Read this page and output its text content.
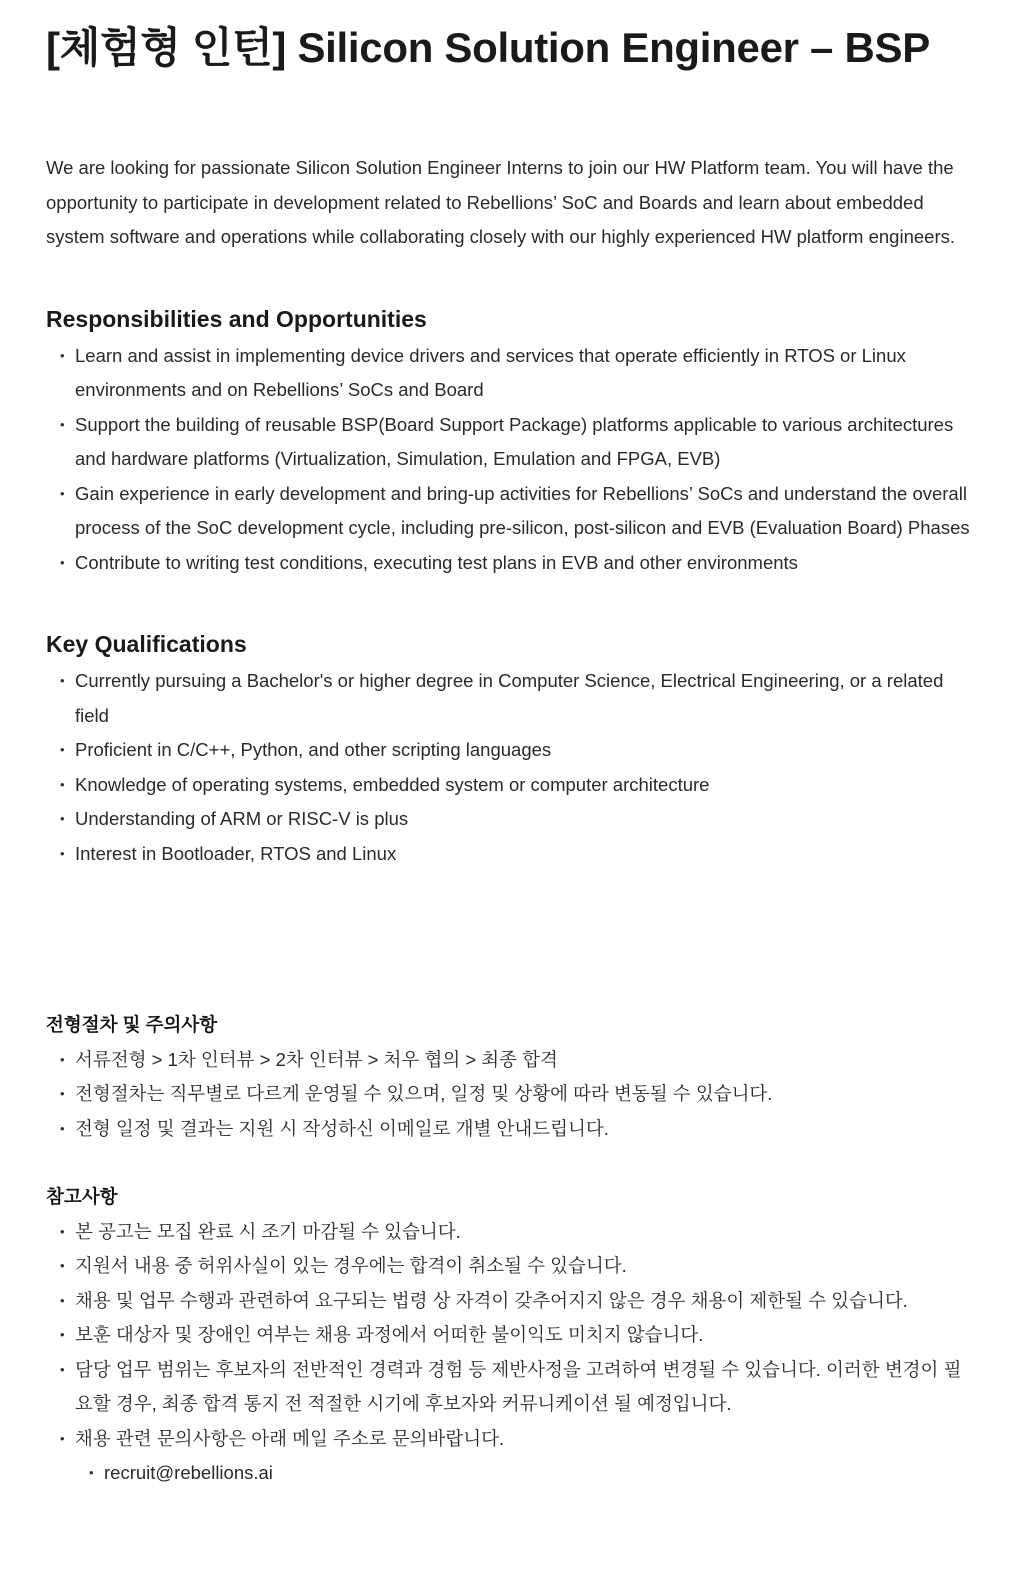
[체험형 인턴] Silicon Solution Engineer – BSP

We are looking for passionate Silicon Solution Engineer Interns to join our HW Platform team. You will have the opportunity to participate in development related to Rebellions’ SoC and Boards and learn about embedded system software and operations while collaborating closely with our highly experienced HW platform engineers.

Responsibilities and Opportunities
• Learn and assist in implementing device drivers and services that operate efficiently in RTOS or Linux environments and on Rebellions’ SoCs and Board
• Support the building of reusable BSP(Board Support Package) platforms applicable to various architectures and hardware platforms (Virtualization, Simulation, Emulation and FPGA, EVB)
• Gain experience in early development and bring-up activities for Rebellions’ SoCs and understand the overall process of the SoC development cycle, including pre-silicon, post-silicon and EVB (Evaluation Board) Phases
• Contribute to writing test conditions, executing test plans in EVB and other environments
Key Qualifications
• Currently pursuing a Bachelor's or higher degree in Computer Science, Electrical Engineering, or a related field
• Proficient in C/C++, Python, and other scripting languages
• Knowledge of operating systems, embedded system or computer architecture
• Understanding of ARM or RISC-V is plus
• Interest in Bootloader, RTOS and Linux
전형절차 및 주의사항
• 서류전형 > 1차 인터뷰 > 2차 인터뷰 > 처우 협의 > 최종 합격
• 전형절차는 직무별로 다르게 운영될 수 있으며, 일정 및 상황에 따라 변동될 수 있습니다.
• 전형 일정 및 결과는 지원 시 작성하신 이메일로 개별 안내드립니다.
참고사항
• 본 공고는 모집 완료 시 조기 마감될 수 있습니다.
• 지원서 내용 중 허위사실이 있는 경우에는 합격이 취소될 수 있습니다.
• 채용 및 업무 수행과 관련하여 요구되는 법령 상 자격이 갖추어지지 않은 경우 채용이 제한될 수 있습니다.
• 보훈 대상자 및 장애인 여부는 채용 과정에서 어떠한 불이익도 미치지 않습니다.
• 담당 업무 범위는 후보자의 전반적인 경력과 경험 등 제반사정을 고려하여 변경될 수 있습니다. 이러한 변경이 필요할 경우, 최종 합격 통지 전 적절한 시기에 후보자와 커뮤니케이션 될 예정입니다.
• 채용 관련 문의사항은 아래 메일 주소로 문의바랍니다.
• recruit@rebellions.ai
